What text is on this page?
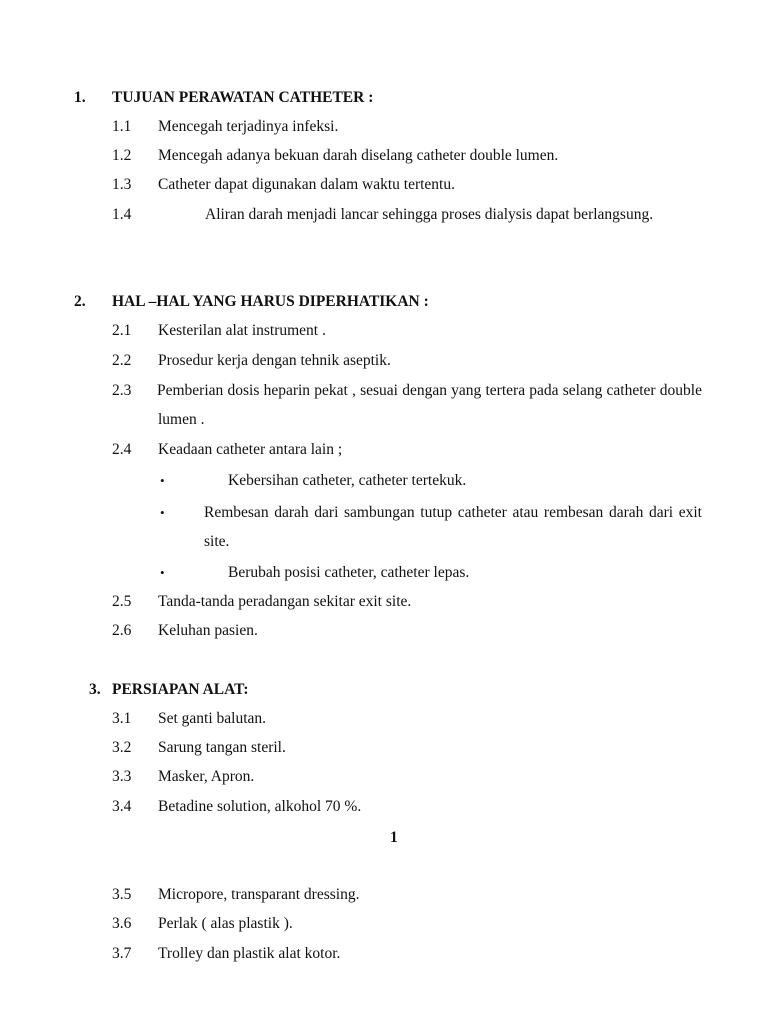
1. TUJUAN PERAWATAN CATHETER :
1.1 Mencegah terjadinya infeksi.
1.2 Mencegah adanya bekuan darah diselang catheter double lumen.
1.3 Catheter dapat digunakan dalam waktu tertentu.
1.4	Aliran darah menjadi lancar sehingga proses dialysis dapat berlangsung.
2. HAL –HAL YANG HARUS DIPERHATIKAN :
2.1 Kesterilan alat instrument .
2.2 Prosedur kerja dengan tehnik aseptik.
2.3 Pemberian dosis heparin pekat , sesuai dengan yang tertera pada selang catheter double lumen .
2.4 Keadaan catheter antara lain ;
•	Kebersihan catheter, catheter tertekuk.
•	Rembesan darah dari sambungan tutup catheter atau rembesan darah dari exit site.
•	Berubah posisi catheter, catheter lepas.
2.5 Tanda-tanda peradangan sekitar exit site.
2.6 Keluhan pasien.
3. PERSIAPAN ALAT:
3.1 Set ganti balutan.
3.2 Sarung tangan steril.
3.3 Masker, Apron.
3.4 Betadine solution, alkohol 70 %.
1
3.5 Micropore, transparant dressing.
3.6 Perlak ( alas plastik ).
3.7 Trolley dan plastik alat kotor.
